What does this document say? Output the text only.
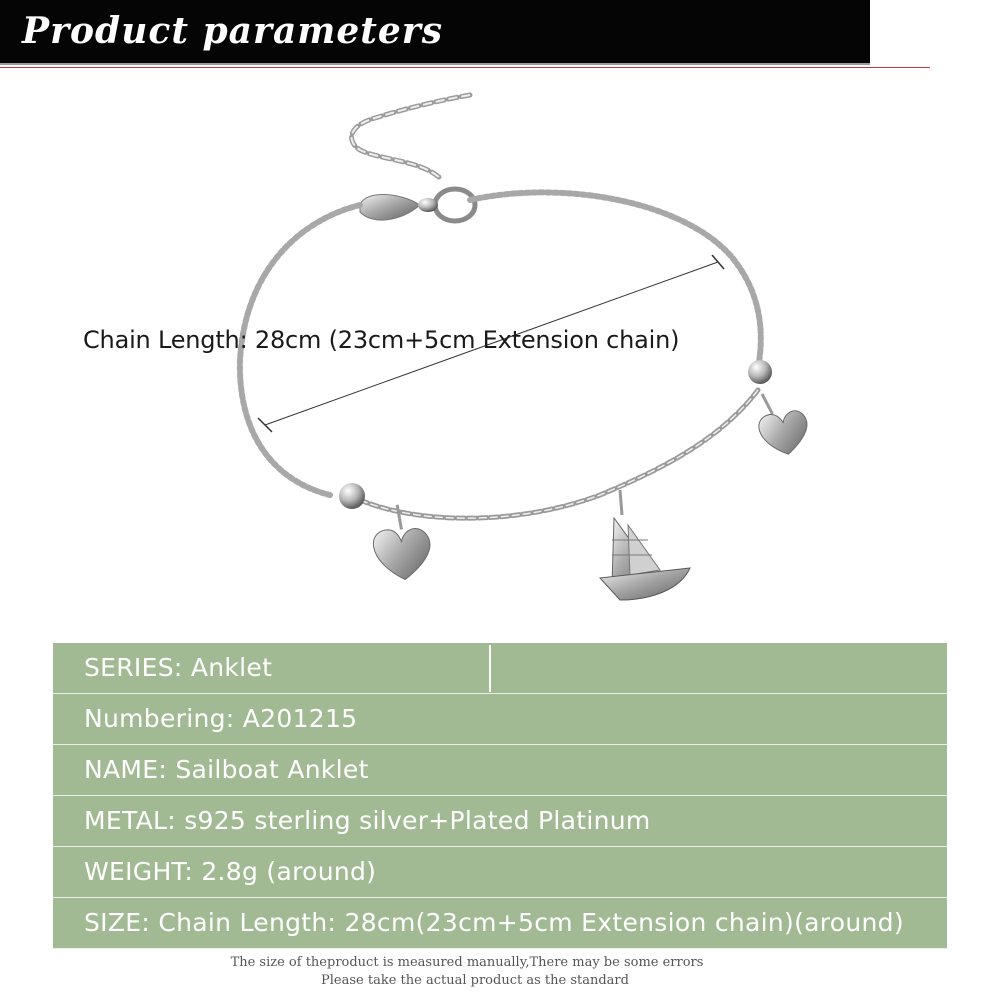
Product parameters
Chain Length: 28cm (23cm+5cm Extension chain)
SERIES: Anklet
Numbering: A201215
NAME: Sailboat Anklet
METAL: s925 sterling silver+Plated Platinum
WEIGHT: 2.8g (around)
SIZE: Chain Length: 28cm(23cm+5cm Extension chain)(around)
The size of theproduct is measured manually,There may be some errors
Please take the actual product as the standard
